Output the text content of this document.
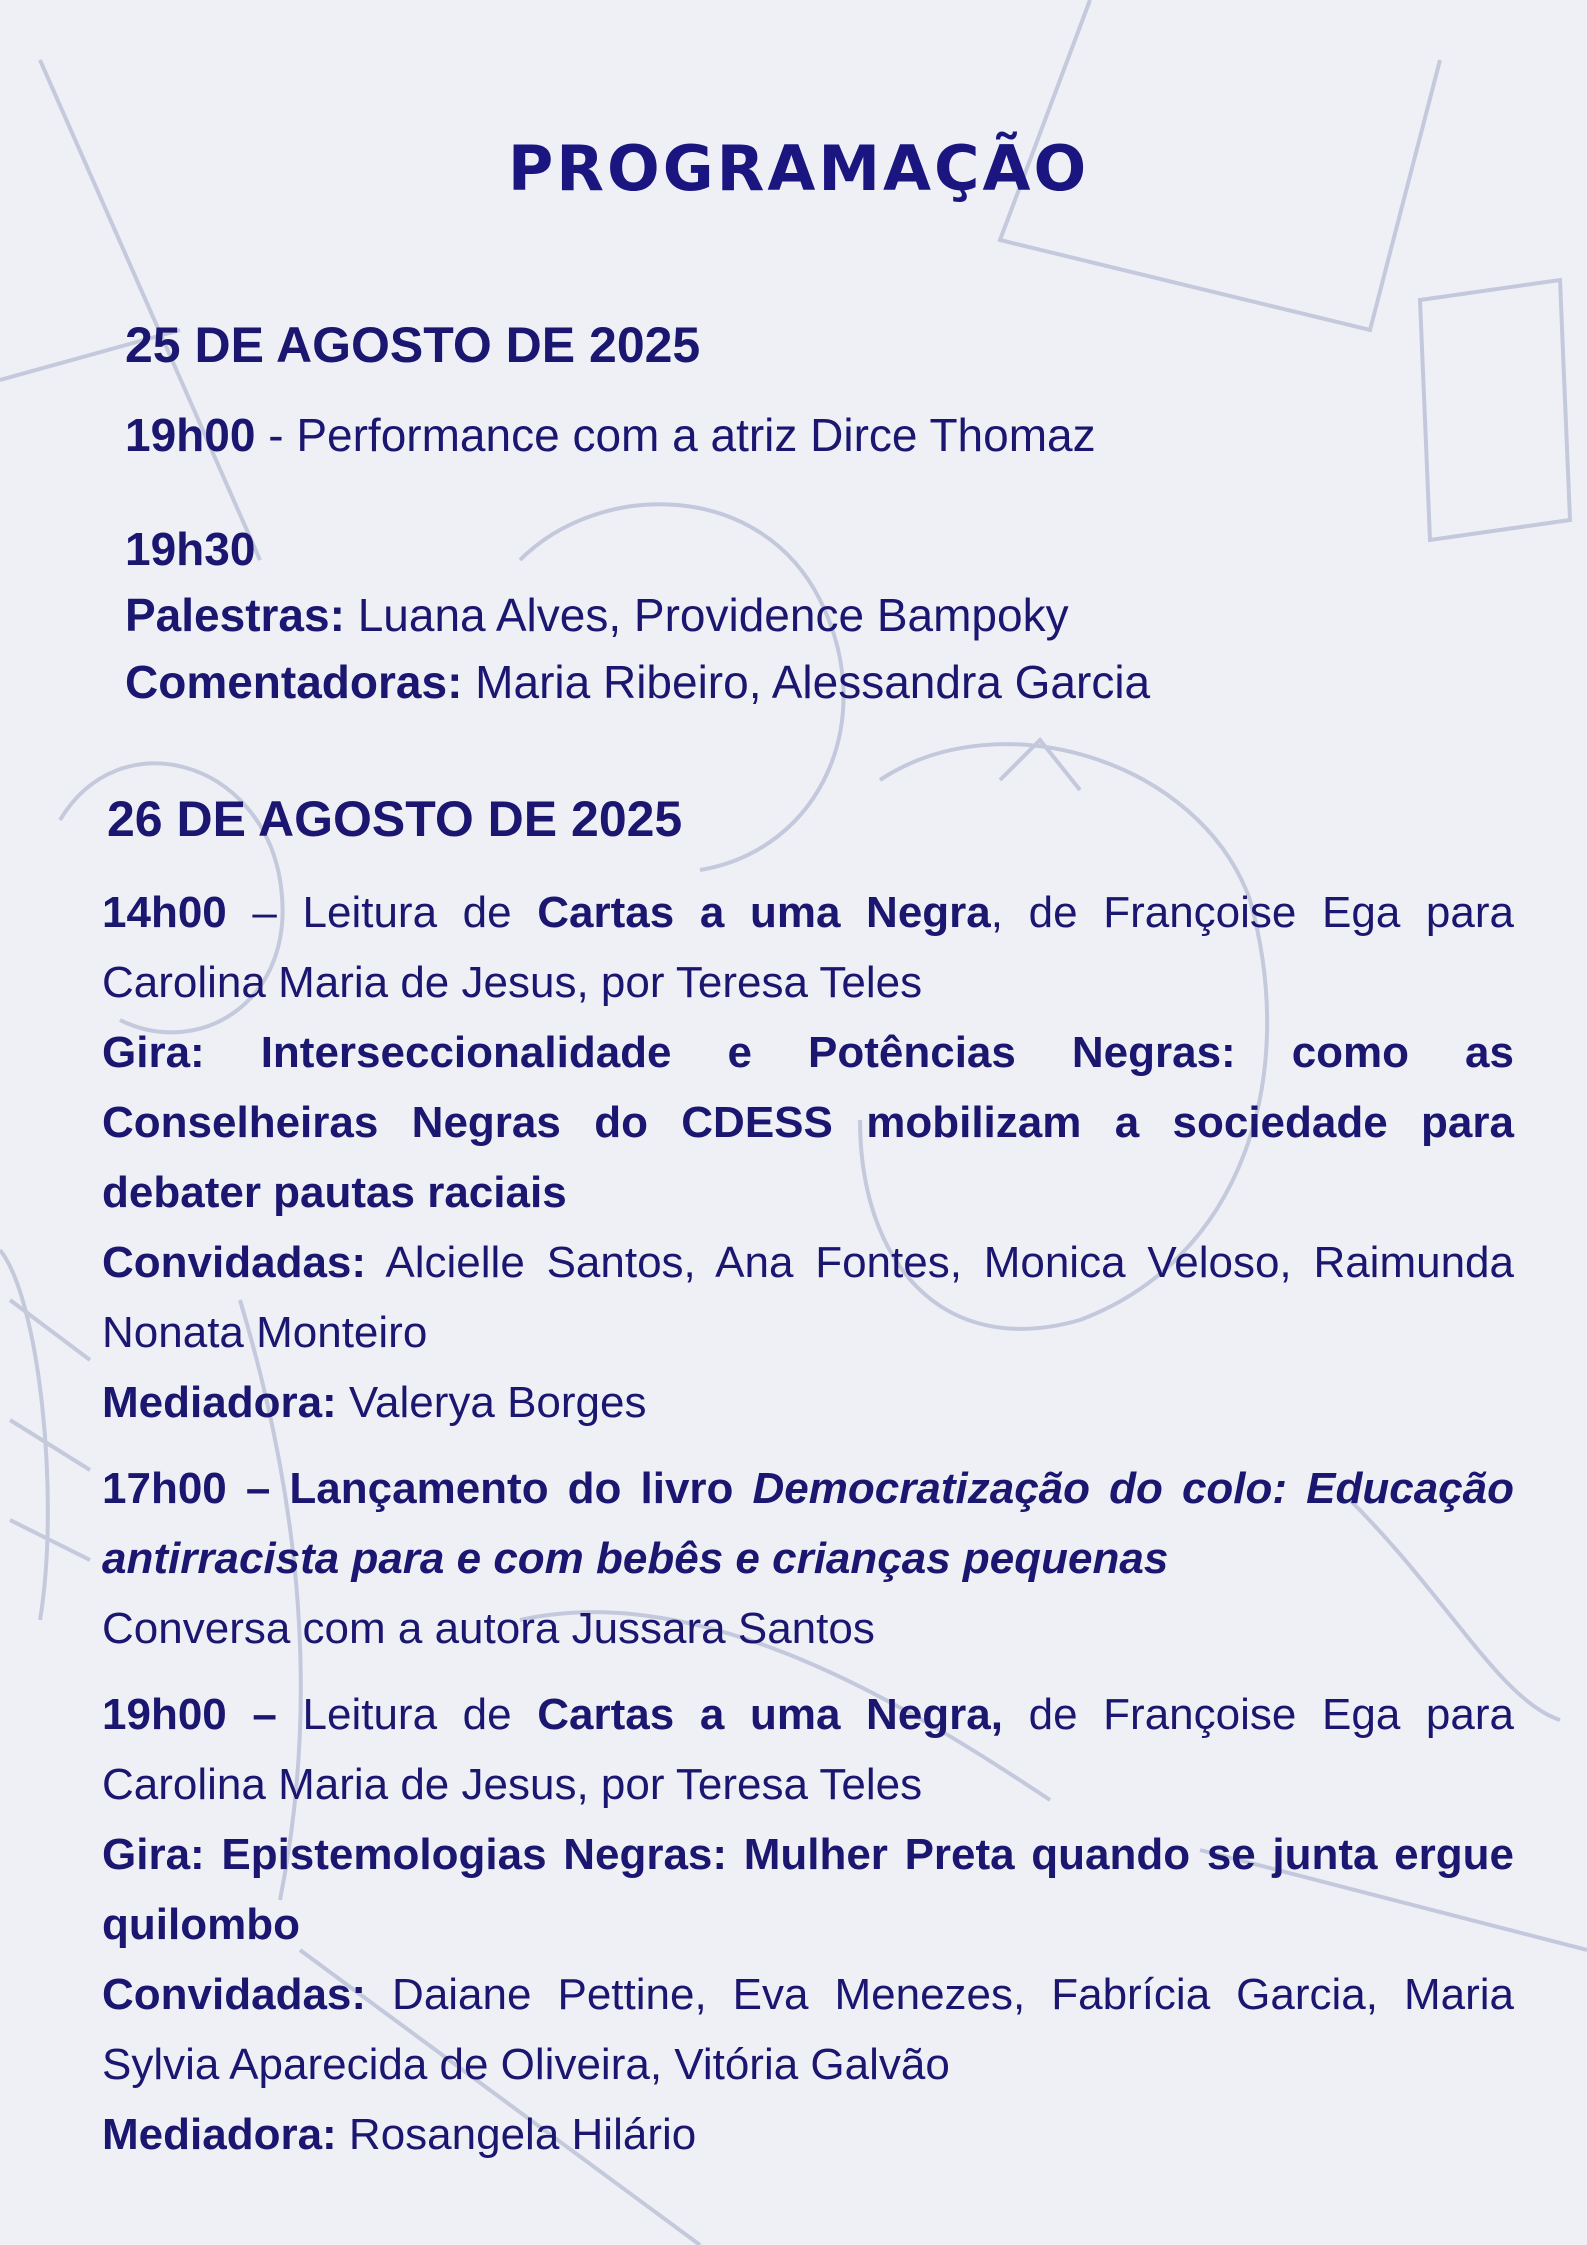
PROGRAMAÇÃO
25 DE AGOSTO DE 2025
19h00 - Performance com a atriz Dirce Thomaz
19h30
Palestras: Luana Alves, Providence Bampoky
Comentadoras: Maria Ribeiro, Alessandra Garcia
26 DE AGOSTO DE 2025

14h00 – Leitura de Cartas a uma Negra, de Françoise Ega para Carolina Maria de Jesus, por Teresa Teles

Gira: Interseccionalidade e Potências Negras: como as Conselheiras Negras do CDESS mobilizam a sociedade para debater pautas raciais

Convidadas: Alcielle Santos, Ana Fontes, Monica Veloso, Raimunda Nonata Monteiro

Mediadora: Valerya Borges

17h00 – Lançamento do livro Democratização do colo: Educação antirracista para e com bebês e crianças pequenas

Conversa com a autora Jussara Santos

19h00 – Leitura de Cartas a uma Negra, de Françoise Ega para Carolina Maria de Jesus, por Teresa Teles

Gira: Epistemologias Negras: Mulher Preta quando se junta ergue quilombo

Convidadas: Daiane Pettine, Eva Menezes, Fabrícia Garcia, Maria Sylvia Aparecida de Oliveira, Vitória Galvão

Mediadora: Rosangela Hilário
